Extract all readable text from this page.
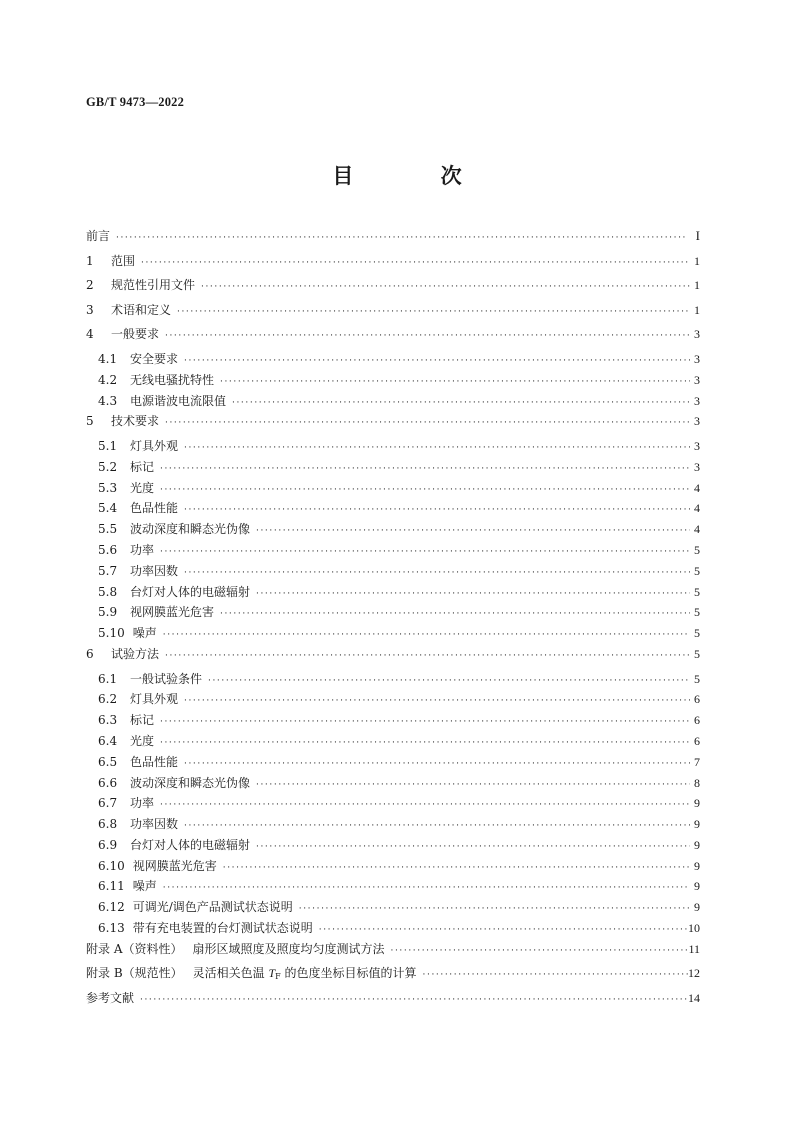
GB/T 9473—2022
目 次
前言 ·····	I
1	范围 ·····	1
2	规范性引用文件 ·····	1
3	术语和定义 ·····	1
4	一般要求 ·····	3
4.1	安全要求 ·····	3
4.2	无线电骚扰特性 ·····	3
4.3	电源谐波电流限值 ·····	3
5	技术要求 ·····	3
5.1	灯具外观 ·····	3
5.2	标记 ·····	3
5.3	光度 ·····	4
5.4	色品性能 ·····	4
5.5	波动深度和瞬态光伪像 ·····	4
5.6	功率 ·····	5
5.7	功率因数 ·····	5
5.8	台灯对人体的电磁辐射 ·····	5
5.9	视网膜蓝光危害 ·····	5
5.10 噪声 ·····	5
6	试验方法 ·····	5
6.1	一般试验条件 ·····	5
6.2	灯具外观 ·····	6
6.3	标记 ·····	6
6.4	光度 ·····	6
6.5	色品性能 ·····	7
6.6	波动深度和瞬态光伪像 ·····	8
6.7	功率 ·····	9
6.8	功率因数 ·····	9
6.9	台灯对人体的电磁辐射 ·····	9
6.10 视网膜蓝光危害 ·····	9
6.11 噪声 ·····	9
6.12 可调光/调色产品测试状态说明 ·····	9
6.13 带有充电装置的台灯测试状态说明 ·····	10
附录 A（资料性） 扇形区域照度及照度均匀度测试方法 ·····	11
附录 B（规范性） 灵活相关色温 $T_F$ 的色度坐标目标值的计算 ·····	12
参考文献 ·····	14
